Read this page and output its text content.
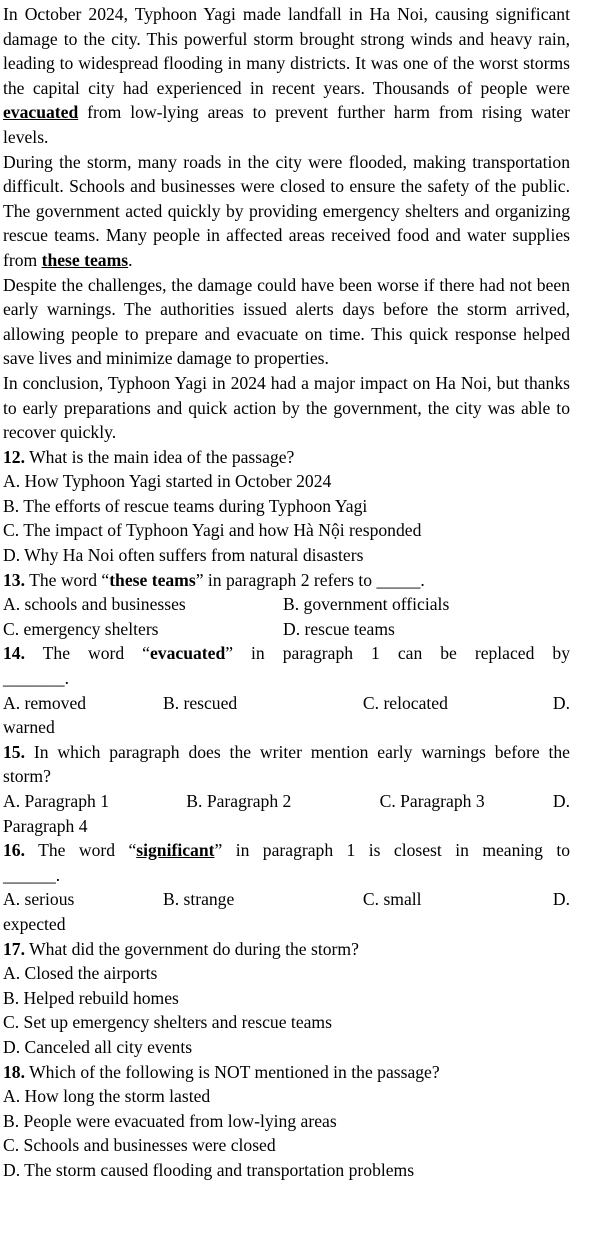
In October 2024, Typhoon Yagi made landfall in Ha Noi, causing significant damage to the city. This powerful storm brought strong winds and heavy rain, leading to widespread flooding in many districts. It was one of the worst storms the capital city had experienced in recent years. Thousands of people were evacuated from low-lying areas to prevent further harm from rising water levels.

During the storm, many roads in the city were flooded, making transportation difficult. Schools and businesses were closed to ensure the safety of the public. The government acted quickly by providing emergency shelters and organizing rescue teams. Many people in affected areas received food and water supplies from these teams.

Despite the challenges, the damage could have been worse if there had not been early warnings. The authorities issued alerts days before the storm arrived, allowing people to prepare and evacuate on time. This quick response helped save lives and minimize damage to properties.

In conclusion, Typhoon Yagi in 2024 had a major impact on Ha Noi, but thanks to early preparations and quick action by the government, the city was able to recover quickly.

12. What is the main idea of the passage?

A. How Typhoon Yagi started in October 2024

B. The efforts of rescue teams during Typhoon Yagi

C. The impact of Typhoon Yagi and how Hà Nội responded

D. Why Ha Noi often suffers from natural disasters

13. The word “these teams” in paragraph 2 refers to _____.

A. schools and businesses	B. government officials
C. emergency shelters	D. rescue teams

14. The word “evacuated” in paragraph 1 can be replaced by

_______.

A. removed	B. rescued	C. relocated	D.

warned

15. In which paragraph does the writer mention early warnings before the storm?

A. Paragraph 1	B. Paragraph 2	C. Paragraph 3	D.

Paragraph 4

16. The word “significant” in paragraph 1 is closest in meaning to

______.

A. serious	B. strange	C. small	D.

expected

17. What did the government do during the storm?

A. Closed the airports

B. Helped rebuild homes

C. Set up emergency shelters and rescue teams

D. Canceled all city events

18. Which of the following is NOT mentioned in the passage?

A. How long the storm lasted

B. People were evacuated from low-lying areas

C. Schools and businesses were closed

D. The storm caused flooding and transportation problems
